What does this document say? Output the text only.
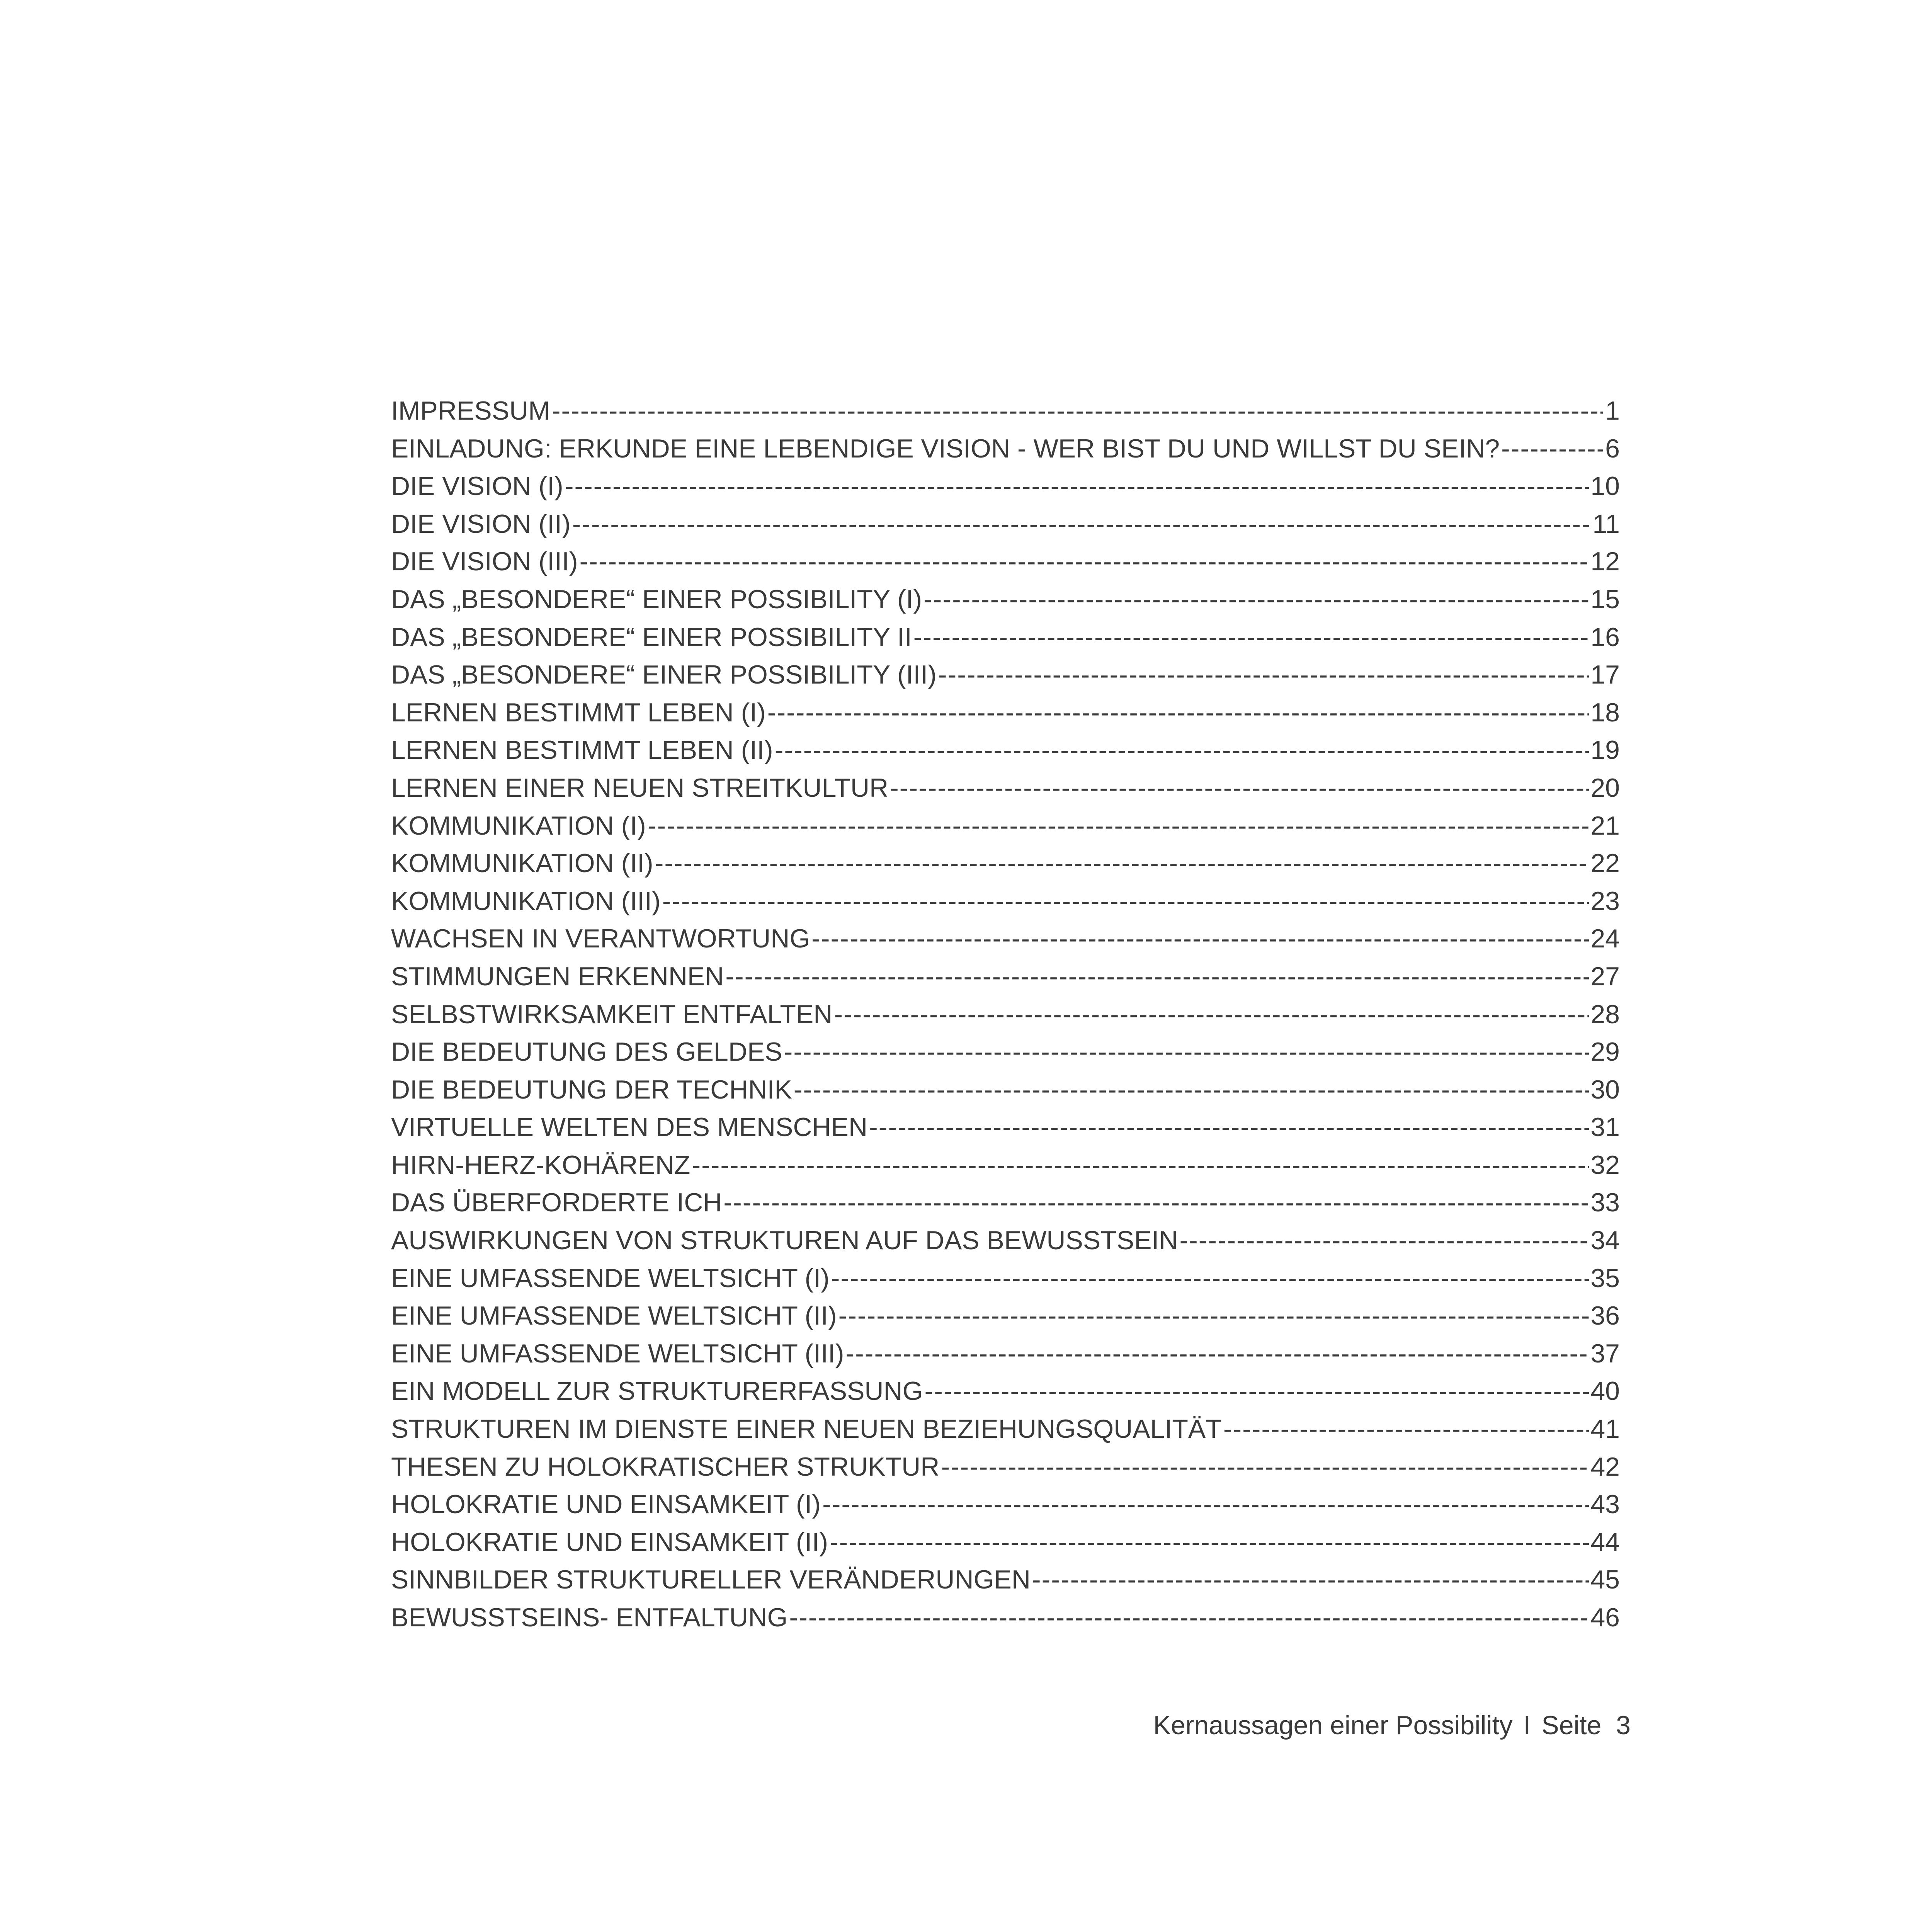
IMPRESSUM -----	1
EINLADUNG: ERKUNDE EINE LEBENDIGE VISION - WER BIST DU UND WILLST DU SEIN? -----	6
DIE VISION (I) -----	10
DIE VISION (II) -----	11
DIE VISION (III) -----	12
DAS „BESONDERE“ EINER POSSIBILITY (I) -----	15
DAS „BESONDERE“ EINER POSSIBILITY II -----	16
DAS „BESONDERE“ EINER POSSIBILITY (III) -----	17
LERNEN BESTIMMT LEBEN (I) -----	18
LERNEN BESTIMMT LEBEN (II) -----	19
LERNEN EINER NEUEN STREITKULTUR -----	20
KOMMUNIKATION (I) -----	21
KOMMUNIKATION (II) -----	22
KOMMUNIKATION (III) -----	23
WACHSEN IN VERANTWORTUNG -----	24
STIMMUNGEN ERKENNEN -----	27
SELBSTWIRKSAMKEIT ENTFALTEN -----	28
DIE BEDEUTUNG DES GELDES -----	29
DIE BEDEUTUNG DER TECHNIK -----	30
VIRTUELLE WELTEN DES MENSCHEN -----	31
HIRN-HERZ-KOHÄRENZ -----	32
DAS ÜBERFORDERTE ICH -----	33
AUSWIRKUNGEN VON STRUKTUREN AUF DAS BEWUSSTSEIN -----	34
EINE UMFASSENDE WELTSICHT (I) -----	35
EINE UMFASSENDE WELTSICHT (II) -----	36
EINE UMFASSENDE WELTSICHT (III) -----	37
EIN MODELL ZUR STRUKTURERFASSUNG -----	40
STRUKTUREN IM DIENSTE EINER NEUEN BEZIEHUNGSQUALITÄT -----	41
THESEN ZU HOLOKRATISCHER STRUKTUR -----	42
HOLOKRATIE UND EINSAMKEIT (I) -----	43
HOLOKRATIE UND EINSAMKEIT (II) -----	44
SINNBILDER STRUKTURELLER VERÄNDERUNGEN -----	45
BEWUSSTSEINS- ENTFALTUNG -----	46
Kernaussagen einer Possibility I Seite 3
